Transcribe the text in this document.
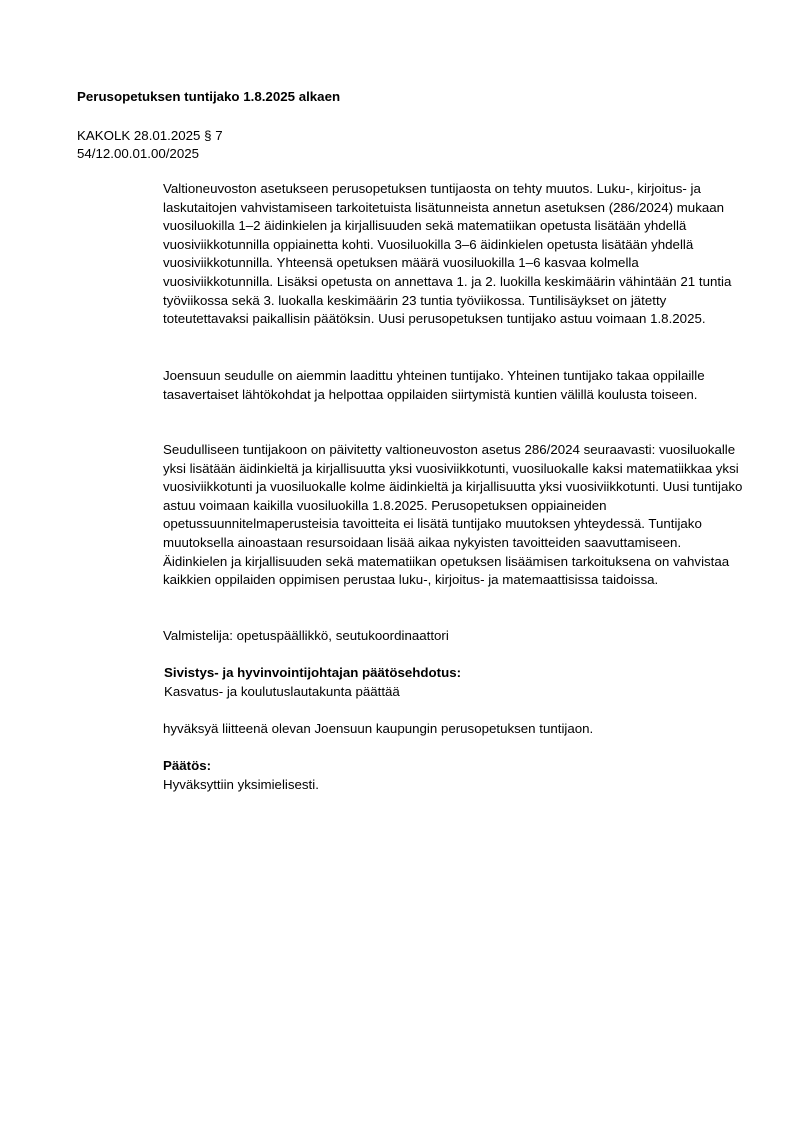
Perusopetuksen tuntijako 1.8.2025 alkaen
KAKOLK 28.01.2025 § 7
54/12.00.01.00/2025

Valtioneuvoston asetukseen perusopetuksen tuntijaosta on tehty muutos. Luku-, kirjoitus- ja laskutaitojen vahvistamiseen tarkoitetuista lisätunneista annetun asetuksen (286/2024) mukaan vuosiluokilla 1–2 äidinkielen ja kirjallisuuden sekä matematiikan opetusta lisätään yhdellä vuosiviikkotunnilla oppiainetta kohti. Vuosiluokilla 3–6 äidinkielen opetusta lisätään yhdellä vuosiviikkotunnilla. Yhteensä opetuksen määrä vuosiluokilla 1–6 kasvaa kolmella vuosiviikkotunnilla. Lisäksi opetusta on annettava 1. ja 2. luokilla keskimäärin vähintään 21 tuntia työviikossa sekä 3. luokalla keskimäärin 23 tuntia työviikossa. Tuntilisäykset on jätetty toteutettavaksi paikallisin päätöksin. Uusi perusopetuksen tuntijako astuu voimaan 1.8.2025.

Joensuun seudulle on aiemmin laadittu yhteinen tuntijako. Yhteinen tuntijako takaa oppilaille tasavertaiset lähtökohdat ja helpottaa oppilaiden siirtymistä kuntien välillä koulusta toiseen.

Seudulliseen tuntijakoon on päivitetty valtioneuvoston asetus 286/2024 seuraavasti: vuosiluokalle yksi lisätään äidinkieltä ja kirjallisuutta yksi vuosiviikkotunti, vuosiluokalle kaksi matematiikkaa yksi vuosiviikkotunti ja vuosiluokalle kolme äidinkieltä ja kirjallisuutta yksi vuosiviikkotunti. Uusi tuntijako astuu voimaan kaikilla vuosiluokilla 1.8.2025. Perusopetuksen oppiaineiden opetussuunnitelmaperusteisia tavoitteita ei lisätä tuntijako muutoksen yhteydessä. Tuntijako muutoksella ainoastaan resursoidaan lisää aikaa nykyisten tavoitteiden saavuttamiseen. Äidinkielen ja kirjallisuuden sekä matematiikan opetuksen lisäämisen tarkoituksena on vahvistaa kaikkien oppilaiden oppimisen perustaa luku-, kirjoitus- ja matemaattisissa taidoissa.

Valmistelija: opetuspäällikkö, seutukoordinaattori

Sivistys- ja hyvinvointijohtajan päätösehdotus:
Kasvatus- ja koulutuslautakunta päättää

hyväksyä liitteenä olevan Joensuun kaupungin perusopetuksen tuntijaon.

Päätös:
Hyväksyttiin yksimielisesti.
